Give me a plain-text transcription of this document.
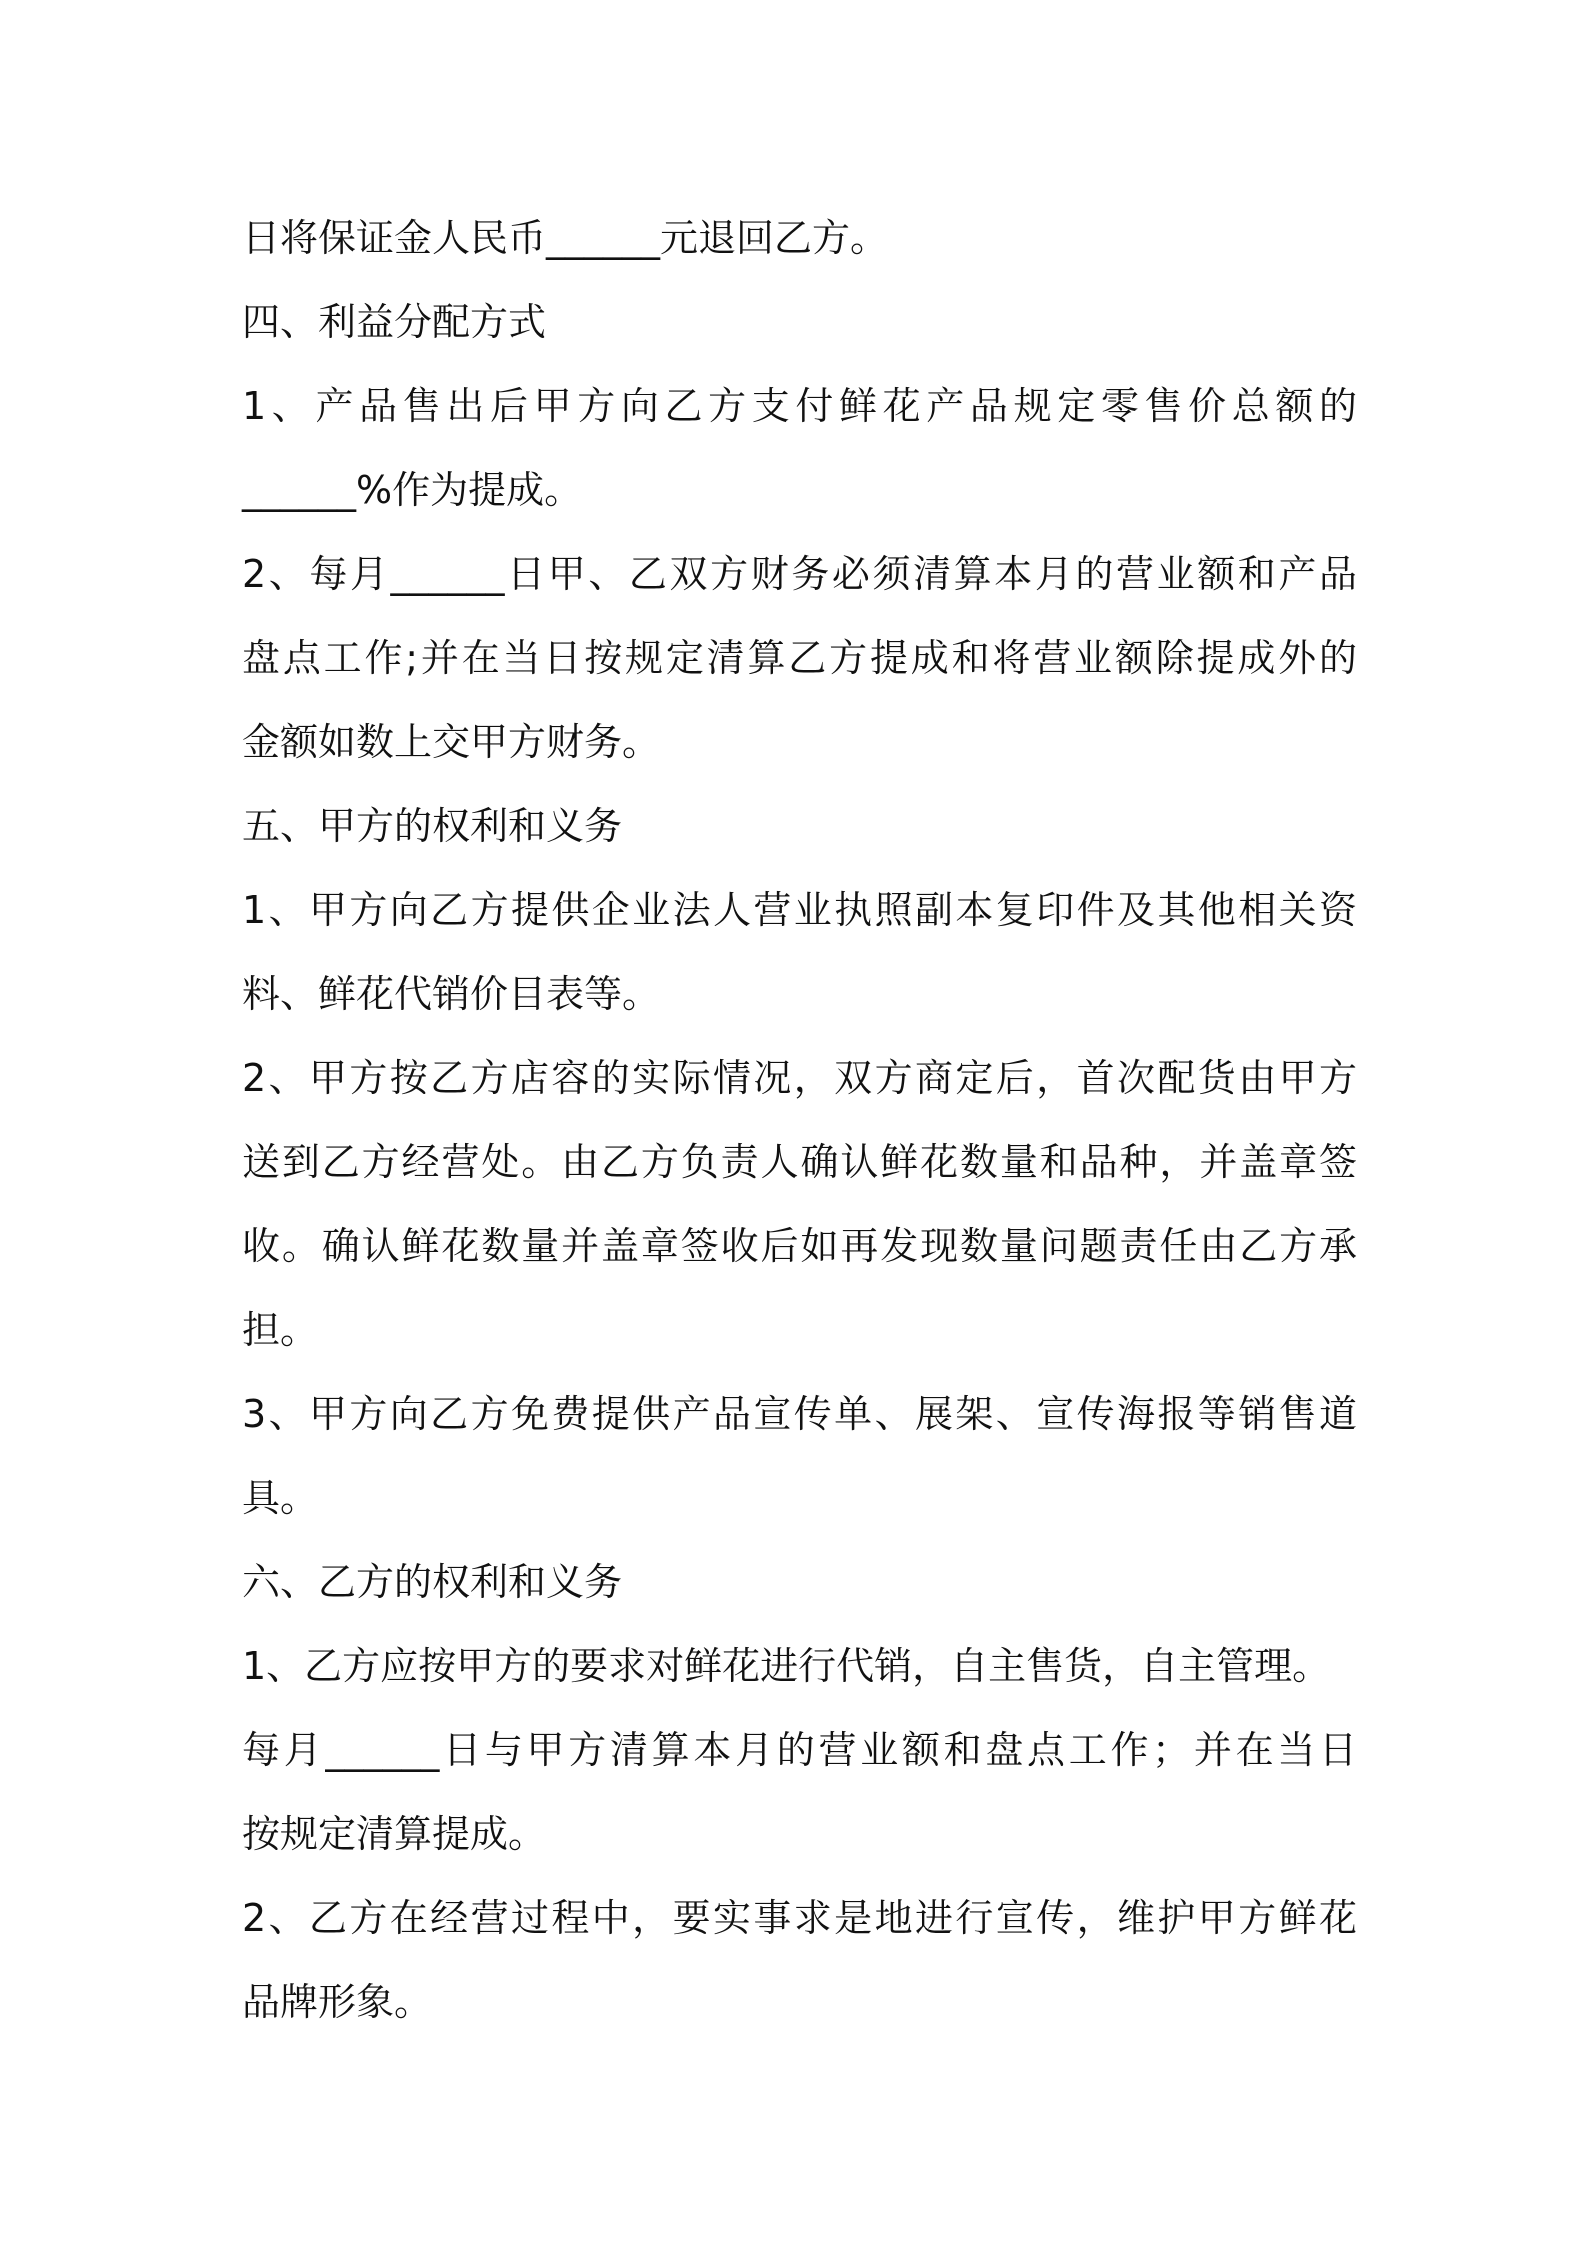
日将保证金人民币______元退回乙方。
四、利益分配方式
1、产品售出后甲方向乙方支付鲜花产品规定零售价总额的
______%作为提成。
2、每月______日甲、乙双方财务必须清算本月的营业额和产品
盘点工作;并在当日按规定清算乙方提成和将营业额除提成外的
金额如数上交甲方财务。
五、甲方的权利和义务
1、甲方向乙方提供企业法人营业执照副本复印件及其他相关资
料、鲜花代销价目表等。
2、甲方按乙方店容的实际情况，双方商定后，首次配货由甲方
送到乙方经营处。由乙方负责人确认鲜花数量和品种，并盖章签
收。确认鲜花数量并盖章签收后如再发现数量问题责任由乙方承
担。
3、甲方向乙方免费提供产品宣传单、展架、宣传海报等销售道
具。
六、乙方的权利和义务
1、乙方应按甲方的要求对鲜花进行代销，自主售货，自主管理。
每月______日与甲方清算本月的营业额和盘点工作；并在当日
按规定清算提成。
2、乙方在经营过程中，要实事求是地进行宣传，维护甲方鲜花
品牌形象。
